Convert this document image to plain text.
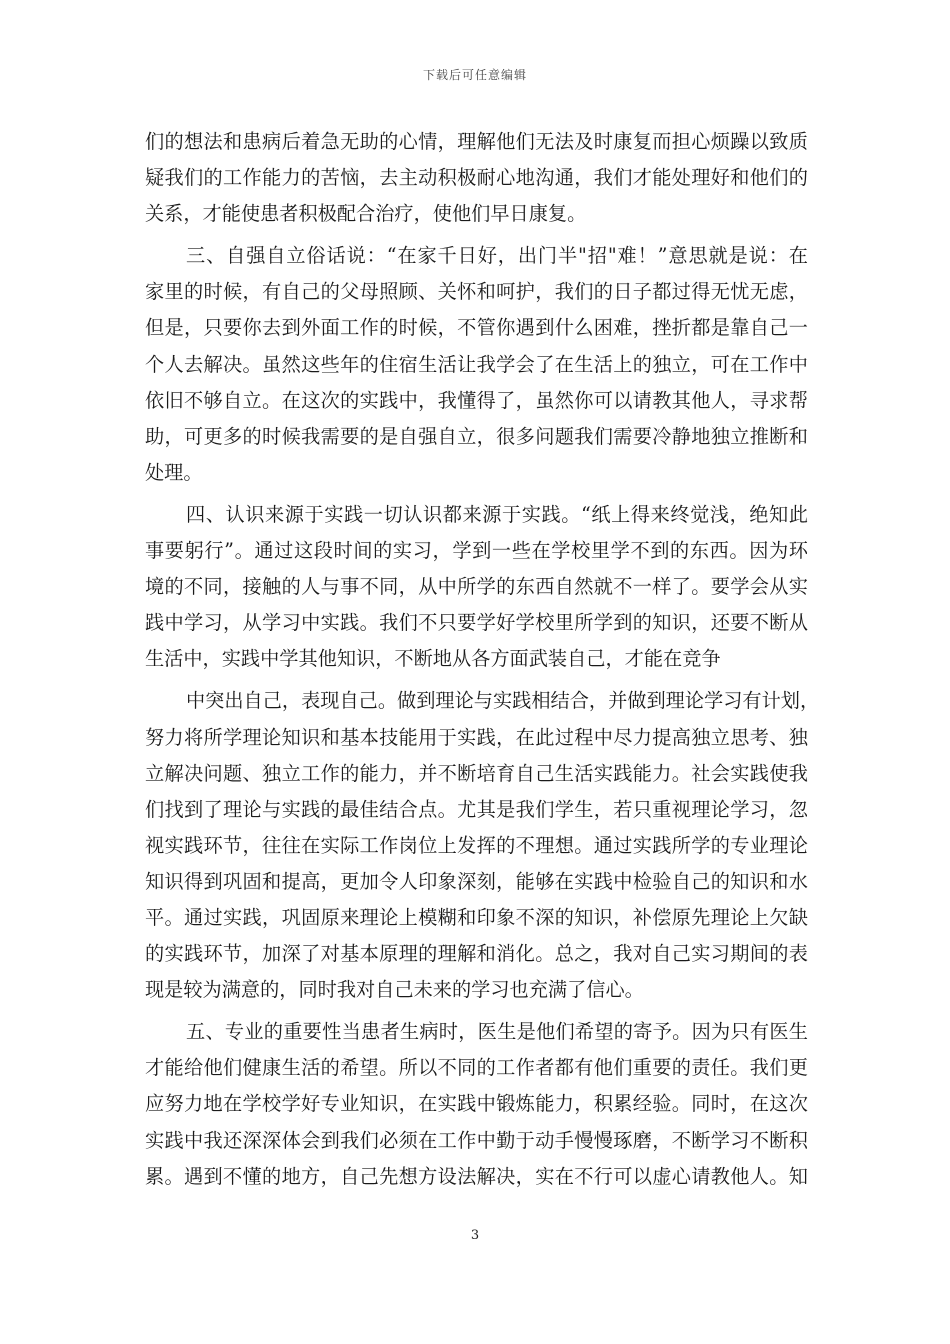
下载后可任意编辑
们的想法和患病后着急无助的心情，理解他们无法及时康复而担心烦躁以致质
疑我们的工作能力的苦恼，去主动积极耐心地沟通，我们才能处理好和他们的
关系，才能使患者积极配合治疗，使他们早日康复。
三、自强自立俗话说：“在家千日好，出门半"招"难！”意思就是说：在
家里的时候，有自己的父母照顾、关怀和呵护，我们的日子都过得无忧无虑，
但是，只要你去到外面工作的时候，不管你遇到什么困难，挫折都是靠自己一
个人去解决。虽然这些年的住宿生活让我学会了在生活上的独立，可在工作中
依旧不够自立。在这次的实践中，我懂得了，虽然你可以请教其他人，寻求帮
助，可更多的时候我需要的是自强自立，很多问题我们需要冷静地独立推断和
处理。
四、认识来源于实践一切认识都来源于实践。“纸上得来终觉浅，绝知此
事要躬行”。通过这段时间的实习，学到一些在学校里学不到的东西。因为环
境的不同，接触的人与事不同，从中所学的东西自然就不一样了。要学会从实
践中学习，从学习中实践。我们不只要学好学校里所学到的知识，还要不断从
生活中，实践中学其他知识，不断地从各方面武装自己，才能在竞争
中突出自己，表现自己。做到理论与实践相结合，并做到理论学习有计划，
努力将所学理论知识和基本技能用于实践，在此过程中尽力提高独立思考、独
立解决问题、独立工作的能力，并不断培育自己生活实践能力。社会实践使我
们找到了理论与实践的最佳结合点。尤其是我们学生，若只重视理论学习，忽
视实践环节，往往在实际工作岗位上发挥的不理想。通过实践所学的专业理论
知识得到巩固和提高，更加令人印象深刻，能够在实践中检验自己的知识和水
平。通过实践，巩固原来理论上模糊和印象不深的知识，补偿原先理论上欠缺
的实践环节，加深了对基本原理的理解和消化。总之，我对自己实习期间的表
现是较为满意的，同时我对自己未来的学习也充满了信心。
五、专业的重要性当患者生病时，医生是他们希望的寄予。因为只有医生
才能给他们健康生活的希望。所以不同的工作者都有他们重要的责任。我们更
应努力地在学校学好专业知识，在实践中锻炼能力，积累经验。同时，在这次
实践中我还深深体会到我们必须在工作中勤于动手慢慢琢磨，不断学习不断积
累。遇到不懂的地方，自己先想方设法解决，实在不行可以虚心请教他人。知
3
